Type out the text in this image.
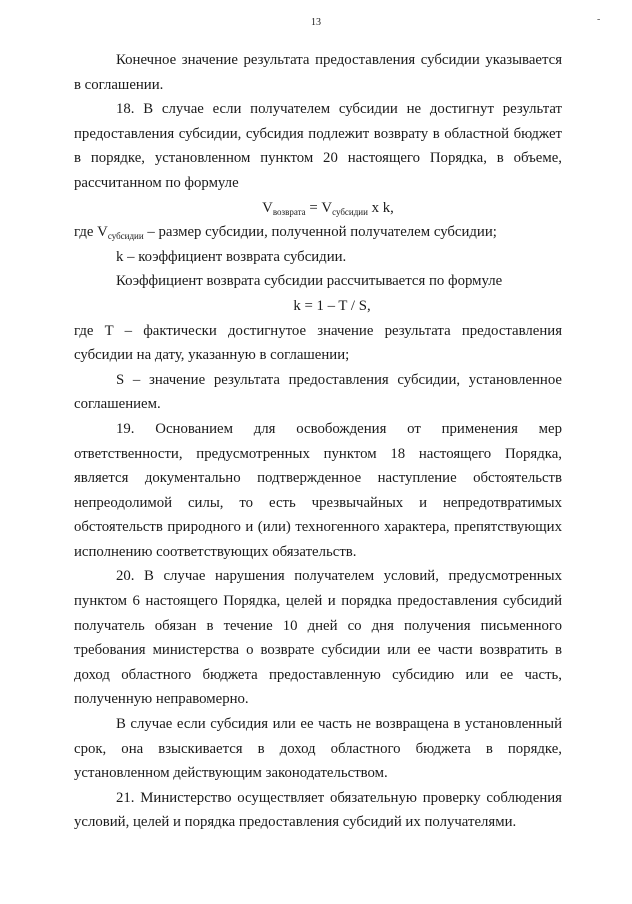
13	-
Конечное значение результата предоставления субсидии указывается в соглашении.
18. В случае если получателем субсидии не достигнут результат предоставления субсидии, субсидия подлежит возврату в областной бюджет в порядке, установленном пунктом 20 настоящего Порядка, в объеме, рассчитанном по формуле
$V_{возврата} = V_{субсидии}$ x k,
где $V_{субсидии}$ – размер субсидии, полученной получателем субсидии;
k – коэффициент возврата субсидии.
Коэффициент возврата субсидии рассчитывается по формуле
k = 1 – T / S,
где T – фактически достигнутое значение результата предоставления субсидии на дату, указанную в соглашении;
S – значение результата предоставления субсидии, установленное соглашением.
19. Основанием для освобождения от применения мер ответственности, предусмотренных пунктом 18 настоящего Порядка, является документально подтвержденное наступление обстоятельств непреодолимой силы, то есть чрезвычайных и непредотвратимых обстоятельств природного и (или) техногенного характера, препятствующих исполнению соответствующих обязательств.
20. В случае нарушения получателем условий, предусмотренных пунктом 6 настоящего Порядка, целей и порядка предоставления субсидий получатель обязан в течение 10 дней со дня получения письменного требования министерства о возврате субсидии или ее части возвратить в доход областного бюджета предоставленную субсидию или ее часть, полученную неправомерно.
В случае если субсидия или ее часть не возвращена в установленный срок, она взыскивается в доход областного бюджета в порядке, установленном действующим законодательством.
21. Министерство осуществляет обязательную проверку соблюдения условий, целей и порядка предоставления субсидий их получателями.
